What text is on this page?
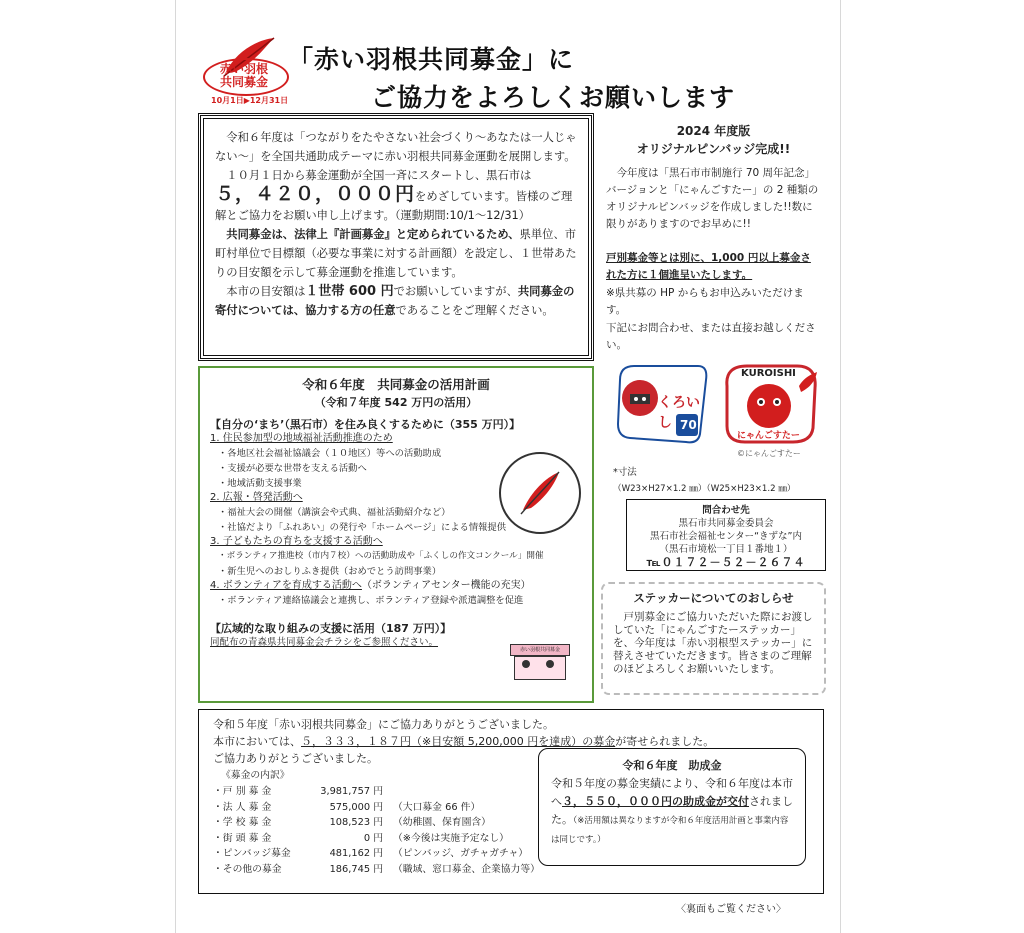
赤い羽根
共同募金
10月1日▶12月31日
「赤い羽根共同募金」に
ご協力をよろしくお願いします

令和６年度は「つながりをたやさない社会づくり～あなたは一人じゃない～」を全国共通助成テーマに赤い羽根共同募金運動を展開します。

１０月１日から募金運動が全国一斉にスタートし、黒石市は
５，４２０，０００円をめざしています。皆様のご理解とご協力をお願い申し上げます。（運動期間:10/1～12/31）

共同募金は、法律上『計画募金』と定められているため、県単位、市町村単位で目標額（必要な事業に対する計画額）を設定し、１世帯あたりの目安額を示して募金運動を推進しています。

本市の目安額は１世帯 600 円でお願いしていますが、共同募金の寄付については、協力する方の任意であることをご理解ください。

令和６年度　共同募金の活用計画
（令和７年度 542 万円の活用）
【自分の‘まち’（黒石市）を住み良くするために（355 万円）】
1. 住民参加型の地域福祉活動推進のため
・各地区社会福祉協議会（１０地区）等への活動助成
・支援が必要な世帯を支える活動へ
・地域活動支援事業
2. 広報・啓発活動へ
・福祉大会の開催（講演会や式典、福祉活動紹介など）
・社協だより「ふれあい」の発行や「ホームページ」による情報提供
3. 子どもたちの育ちを支援する活動へ
・ボランティア推進校（市内７校）への活動助成や「ふくしの作文コンクール」開催
・新生児へのおしりふき提供（おめでとう訪問事業）
4. ボランティアを育成する活動へ（ボランティアセンター機能の充実）
・ボランティア連絡協議会と連携し、ボランティア登録や派遣調整を促進
【広域的な取り組みの支援に活用（187 万円）】
同配布の青森県共同募金会チラシをご参照ください。
赤い羽根共同募金
2024 年度版
オリジナルピンバッジ完成!!
今年度は「黒石市市制施行 70 周年記念」バージョンと「にゃんごすたー」の 2 種類のオリジナルピンバッジを作成しました!!数に限りがありますのでお早めに!!
戸別募金等とは別に、1,000 円以上募金された方に１個進呈いたします。
※県共募の HP からもお申込みいただけます。
下記にお問合わせ、または直接お越しください。
くろいし 70
KUROISHI
にゃんごすたー
©にゃんごすたー
*寸法
（W23×H27×1.2 ㎜）（W25×H23×1.2 ㎜）
問合わせ先
黒石市共同募金委員会
黒石市社会福祉センター“きずな”内
（黒石市境松一丁目１番地１）
℡０１７２－５２－２６７４
ステッカーについてのおしらせ
戸別募金にご協力いただいた際にお渡ししていた「にゃんごすたーステッカー」を、今年度は「赤い羽根型ステッカー」に替えさせていただきます。皆さまのご理解のほどよろしくお願いいたします。
令和５年度「赤い羽根共同募金」にご協力ありがとうございました。
本市においては、５，３３３，１８７円（※目安額 5,200,000 円を達成）の募金が寄せられました。
ご協力ありがとうございました。
《募金の内訳》
・戸 別 募 金	3,981,757 円
・法 人 募 金	575,000 円	（大口募金 66 件）
・学 校 募 金	108,523 円	（幼稚園、保育園含）
・街 頭 募 金	0 円	（※今後は実施予定なし）
・ピンバッジ募金	481,162 円	（ピンバッジ、ガチャガチャ）
・その他の募金	186,745 円	（職域、窓口募金、企業協力等）
令和６年度　助成金
令和５年度の募金実績により、令和６年度は本市へ３，５５０，０００円の助成金が交付されました。（※活用額は異なりますが令和６年度活用計画と事業内容は同じです。）
〈裏面もご覧ください〉
